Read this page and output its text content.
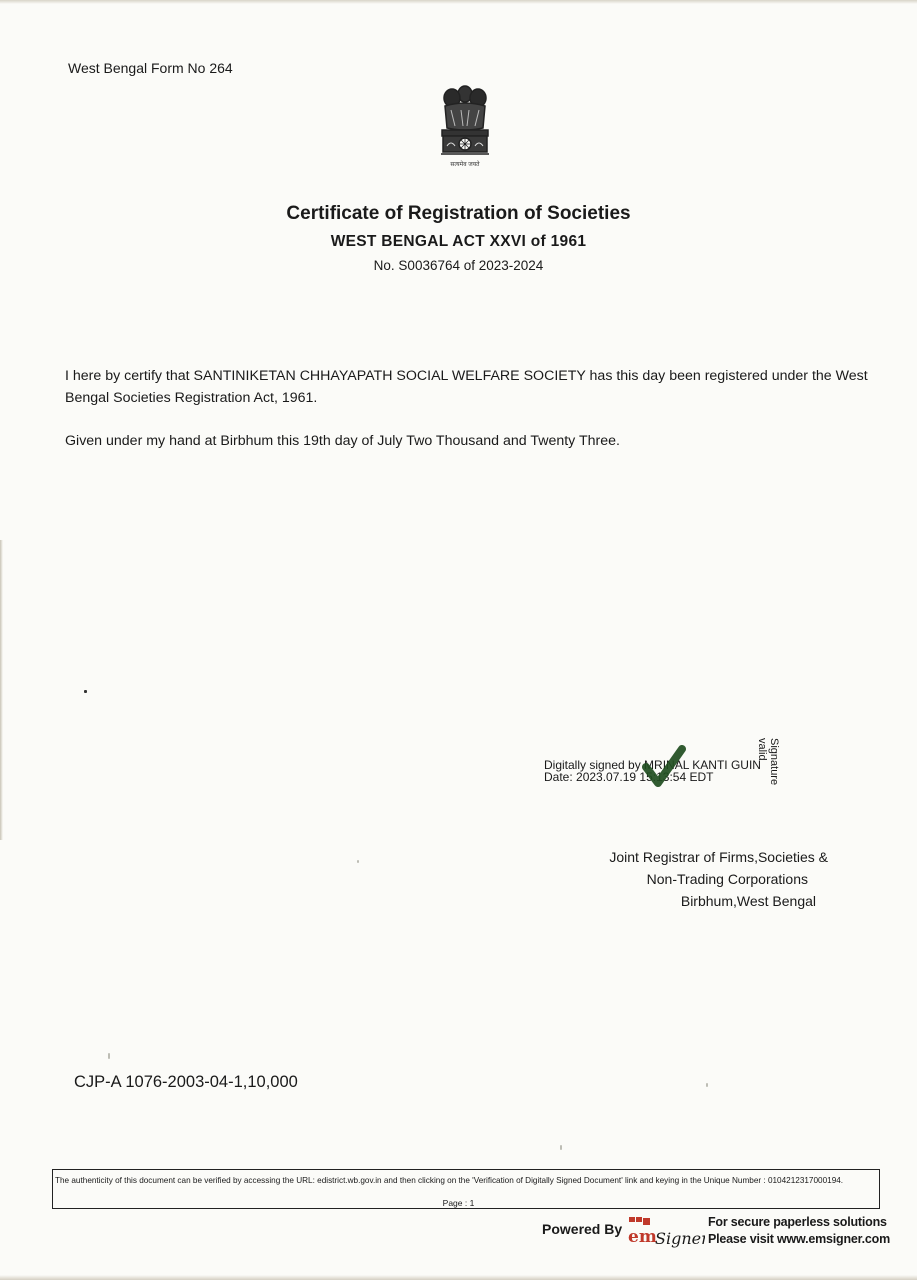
West Bengal Form No 264
सत्यमेव जयते
Certificate of Registration of Societies
WEST BENGAL ACT XXVI of 1961
No. S0036764 of 2023-2024
I here by certify that SANTINIKETAN CHHAYAPATH SOCIAL WELFARE SOCIETY has this day been registered under the West Bengal Societies Registration Act, 1961.
Given under my hand at Birbhum this 19th day of July Two Thousand and Twenty Three.
Digitally signed by MRINAL KANTI GUIN
Date: 2023.07.19 15:13:54 EDT	Signature
valid
Joint Registrar of Firms,Societies &
Non-Trading Corporations
Birbhum,West Bengal
CJP-A 1076-2003-04-1,10,000
The authenticity of this document can be verified by accessing the URL: edistrict.wb.gov.in and then clicking on the 'Verification of Digitally Signed Document' link and keying in the Unique Number : 0104212317000194.
Page : 1
Powered By em
Signer
For secure paperless solutions
Please visit www.emsigner.com
